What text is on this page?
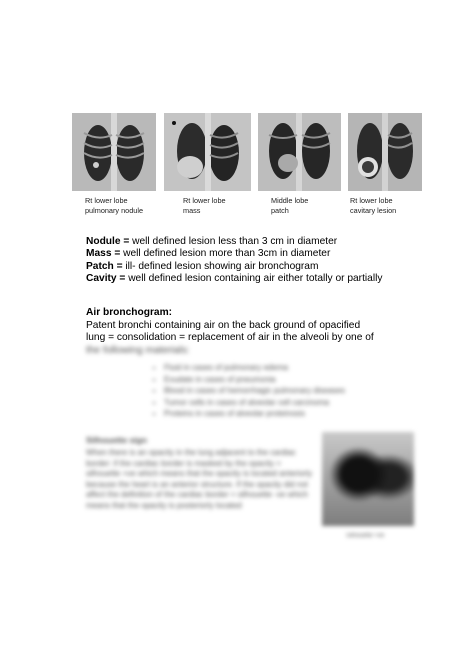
Rt lower lobe
pulmonary nodule
Rt lower lobe
mass
Middle lobe
patch
Rt lower lobe
cavitary lesion

Nodule = well defined lesion less than 3 cm in diameter

Mass = well defined lesion more than 3cm in diameter

Patch = ill- defined lesion showing air bronchogram

Cavity = well defined lesion containing air either totally or partially

Air bronchogram:
Patent bronchi containing air on the back ground of opacified
lung = consolidation = replacement of air in the alveoli by one of
the following materials:
• Fluid in cases of pulmonary edema
• Exudate in cases of pneumonia
• Blood in cases of hemorrhagic pulmonary diseases
• Tumor cells in cases of alveolar cell carcinoma
• Proteins in cases of alveolar proteinosis
Silhouette sign
When there is an opacity in the lung adjacent to the cardiac border: if the cardiac border is masked by the opacity = silhouette +ve which means that the opacity is located anteriorly because the heart is an anterior structure. If the opacity did not affect the definition of the cardiac border = silhouette -ve which means that the opacity is posteriorly located
Silhouette +ve
